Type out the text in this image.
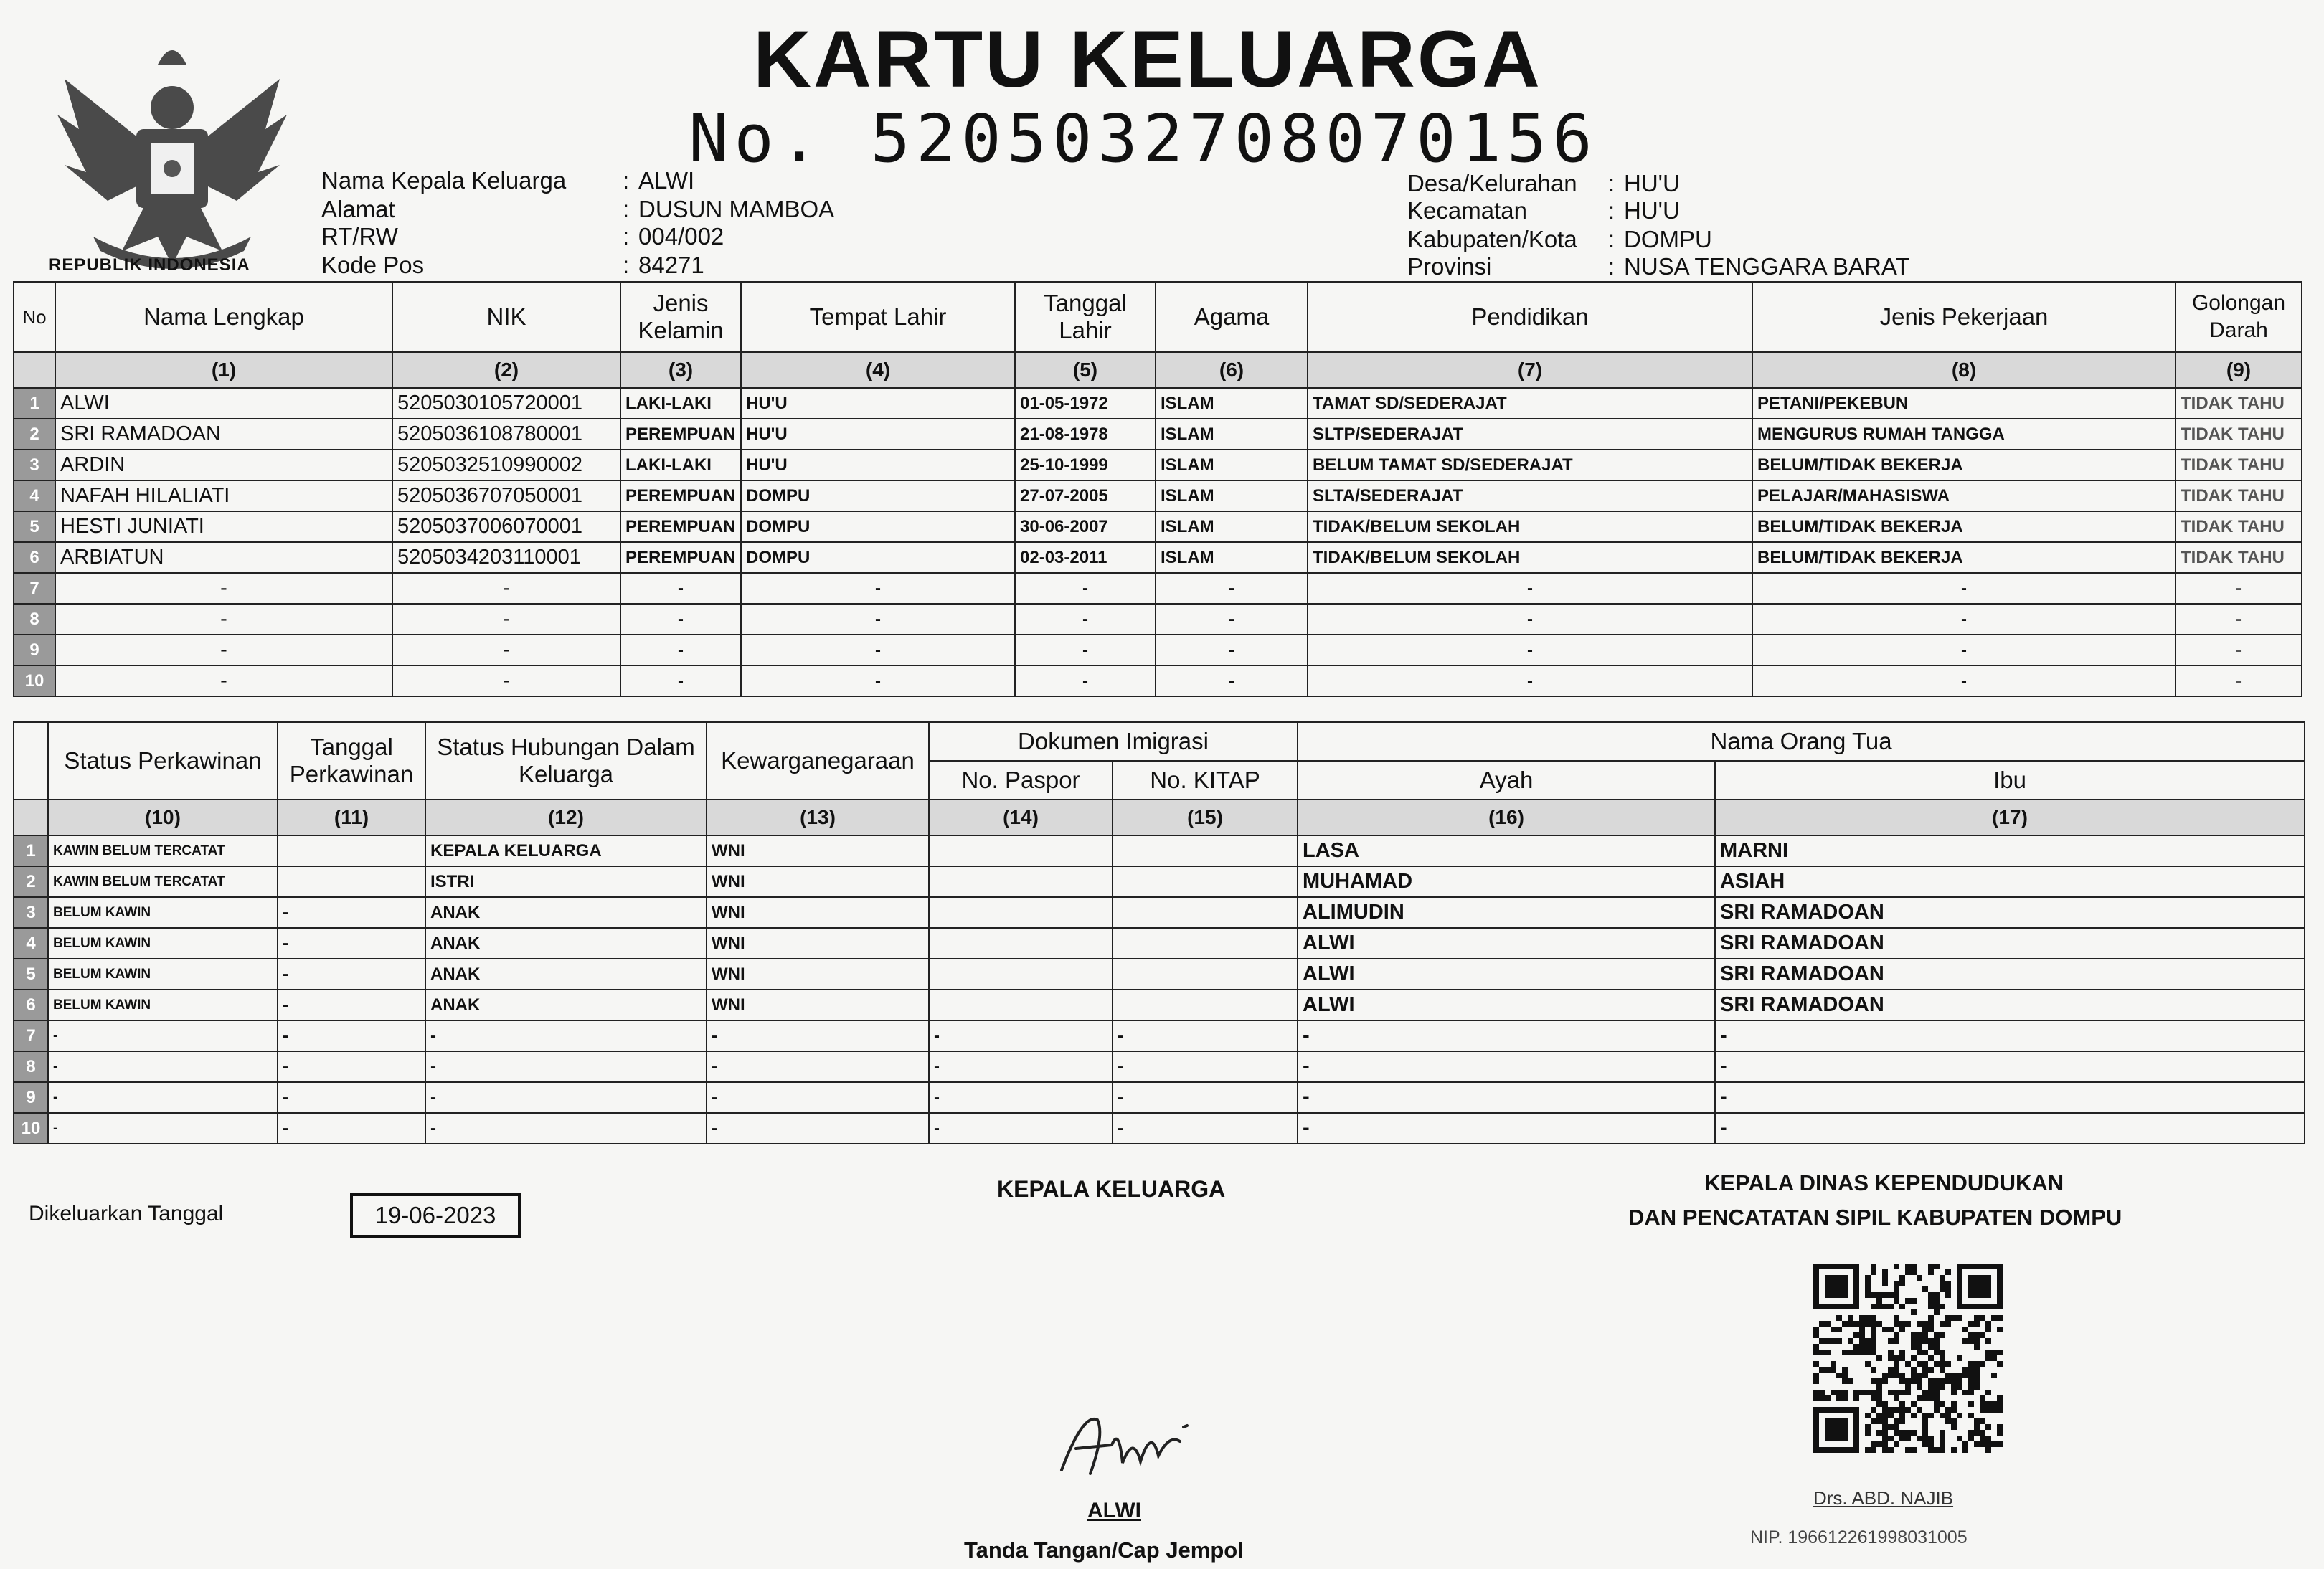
REPUBLIK INDONESIA
KARTU KELUARGA
No. 5205032708070156
Nama Kepala Keluarga : ALWI
Alamat	: DUSUN MAMBOA
RT/RW	: 004/002
Kode Pos	: 84271
Desa/Kelurahan : HU'U
Kecamatan	: HU'U
Kabupaten/Kota : DOMPU
Provinsi	: NUSA TENGGARA BARAT
No	Nama Lengkap	NIK	Jenis Kelamin	Tempat Lahir	Tanggal Lahir	Agama	Pendidikan	Jenis Pekerjaan	Golongan Darah
	(1)	(2)	(3)	(4)	(5)	(6)	(7)	(8)	(9)
1	ALWI	5205030105720001	LAKI-LAKI	HU'U	01-05-1972	ISLAM	TAMAT SD/SEDERAJAT	PETANI/PEKEBUN	TIDAK TAHU
2	SRI RAMADOAN	5205036108780001	PEREMPUAN	HU'U	21-08-1978	ISLAM	SLTP/SEDERAJAT	MENGURUS RUMAH TANGGA	TIDAK TAHU
3	ARDIN	5205032510990002	LAKI-LAKI	HU'U	25-10-1999	ISLAM	BELUM TAMAT SD/SEDERAJAT	BELUM/TIDAK BEKERJA	TIDAK TAHU
4	NAFAH HILALIATI	5205036707050001	PEREMPUAN	DOMPU	27-07-2005	ISLAM	SLTA/SEDERAJAT	PELAJAR/MAHASISWA	TIDAK TAHU
5	HESTI JUNIATI	5205037006070001	PEREMPUAN	DOMPU	30-06-2007	ISLAM	TIDAK/BELUM SEKOLAH	BELUM/TIDAK BEKERJA	TIDAK TAHU
6	ARBIATUN	5205034203110001	PEREMPUAN	DOMPU	02-03-2011	ISLAM	TIDAK/BELUM SEKOLAH	BELUM/TIDAK BEKERJA	TIDAK TAHU
7	-	-	-	-	-	-	-	-	-
8	-	-	-	-	-	-	-	-	-
9	-	-	-	-	-	-	-	-	-
10	-	-	-	-	-	-	-	-	-
	Status Perkawinan	Tanggal Perkawinan	Status Hubungan Dalam Keluarga	Kewarganegaraan	Dokumen Imigrasi		Nama Orang Tua	
					No. Paspor	No. KITAP	Ayah	Ibu
	(10)	(11)	(12)	(13)	(14)	(15)	(16)	(17)
1	KAWIN BELUM TERCATAT		KEPALA KELUARGA	WNI			LASA	MARNI
2	KAWIN BELUM TERCATAT		ISTRI	WNI			MUHAMAD	ASIAH
3	BELUM KAWIN	-	ANAK	WNI			ALIMUDIN	SRI RAMADOAN
4	BELUM KAWIN	-	ANAK	WNI			ALWI	SRI RAMADOAN
5	BELUM KAWIN	-	ANAK	WNI			ALWI	SRI RAMADOAN
6	BELUM KAWIN	-	ANAK	WNI			ALWI	SRI RAMADOAN
7	-	-	-	-	-	-	-	-
8	-	-	-	-	-	-	-	-
9	-	-	-	-	-	-	-	-
10	-	-	-	-	-	-	-	-
Dikeluarkan Tanggal	19-06-2023
KEPALA KELUARGA
ALWI
Tanda Tangan/Cap Jempol
KEPALA DINAS KEPENDUDUKAN
DAN PENCATATAN SIPIL KABUPATEN DOMPU
Drs. ABD. NAJIB
NIP. 196612261998031005
